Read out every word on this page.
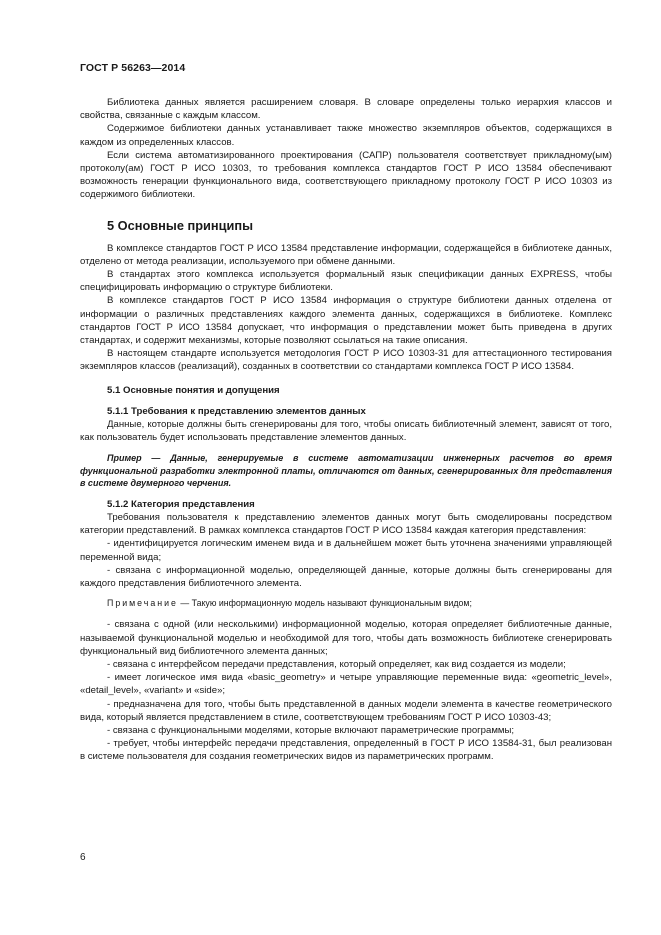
ГОСТ Р 56263—2014

Библиотека данных является расширением словаря. В словаре определены только иерархия классов и свойства, связанные с каждым классом.

Содержимое библиотеки данных устанавливает также множество экземпляров объектов, содержащихся в каждом из определенных классов.

Если система автоматизированного проектирования (САПР) пользователя соответствует прикладному(ым) протоколу(ам) ГОСТ Р ИСО 10303, то требования комплекса стандартов ГОСТ Р ИСО 13584 обеспечивают возможность генерации функционального вида, соответствующего прикладному протоколу ГОСТ Р ИСО 10303 из содержимого библиотеки.

5 Основные принципы

В комплексе стандартов ГОСТ Р ИСО 13584 представление информации, содержащейся в библиотеке данных, отделено от метода реализации, используемого при обмене данными.

В стандартах этого комплекса используется формальный язык спецификации данных EXPRESS, чтобы специфицировать информацию о структуре библиотеки.

В комплексе стандартов ГОСТ Р ИСО 13584 информация о структуре библиотеки данных отделена от информации о различных представлениях каждого элемента данных, содержащихся в библиотеке. Комплекс стандартов ГОСТ Р ИСО 13584 допускает, что информация о представлении может быть приведена в других стандартах, и содержит механизмы, которые позволяют ссылаться на такие описания.

В настоящем стандарте используется методология ГОСТ Р ИСО 10303-31 для аттестационного тестирования экземпляров классов (реализаций), созданных в соответствии со стандартами комплекса ГОСТ Р ИСО 13584.

5.1 Основные понятия и допущения
5.1.1 Требования к представлению элементов данных

Данные, которые должны быть сгенерированы для того, чтобы описать библиотечный элемент, зависят от того, как пользователь будет использовать представление элементов данных.

Пример — Данные, генерируемые в системе автоматизации инженерных расчетов во время функциональной разработки электронной платы, отличаются от данных, сгенерированных для представления в системе двумерного черчения.

5.1.2 Категория представления

Требования пользователя к представлению элементов данных могут быть смоделированы посредством категории представлений. В рамках комплекса стандартов ГОСТ Р ИСО 13584 каждая категория представления:

- идентифицируется логическим именем вида и в дальнейшем может быть уточнена значениями управляющей переменной вида;

- связана с информационной моделью, определяющей данные, которые должны быть сгенерированы для каждого представления библиотечного элемента.

Примечание — Такую информационную модель называют функциональным видом;

- связана с одной (или несколькими) информационной моделью, которая определяет библиотечные данные, называемой функциональной моделью и необходимой для того, чтобы дать возможность библиотеке сгенерировать функциональный вид библиотечного элемента данных;

- связана с интерфейсом передачи представления, который определяет, как вид создается из модели;

- имеет логическое имя вида «basic_geometry» и четыре управляющие переменные вида: «geometric_level», «detail_level», «variant» и «side»;

- предназначена для того, чтобы быть представленной в данных модели элемента в качестве геометрического вида, который является представлением в стиле, соответствующем требованиям ГОСТ Р ИСО 10303-43;

- связана с функциональными моделями, которые включают параметрические программы;

- требует, чтобы интерфейс передачи представления, определенный в ГОСТ Р ИСО 13584-31, был реализован в системе пользователя для создания геометрических видов из параметрических программ.

6
